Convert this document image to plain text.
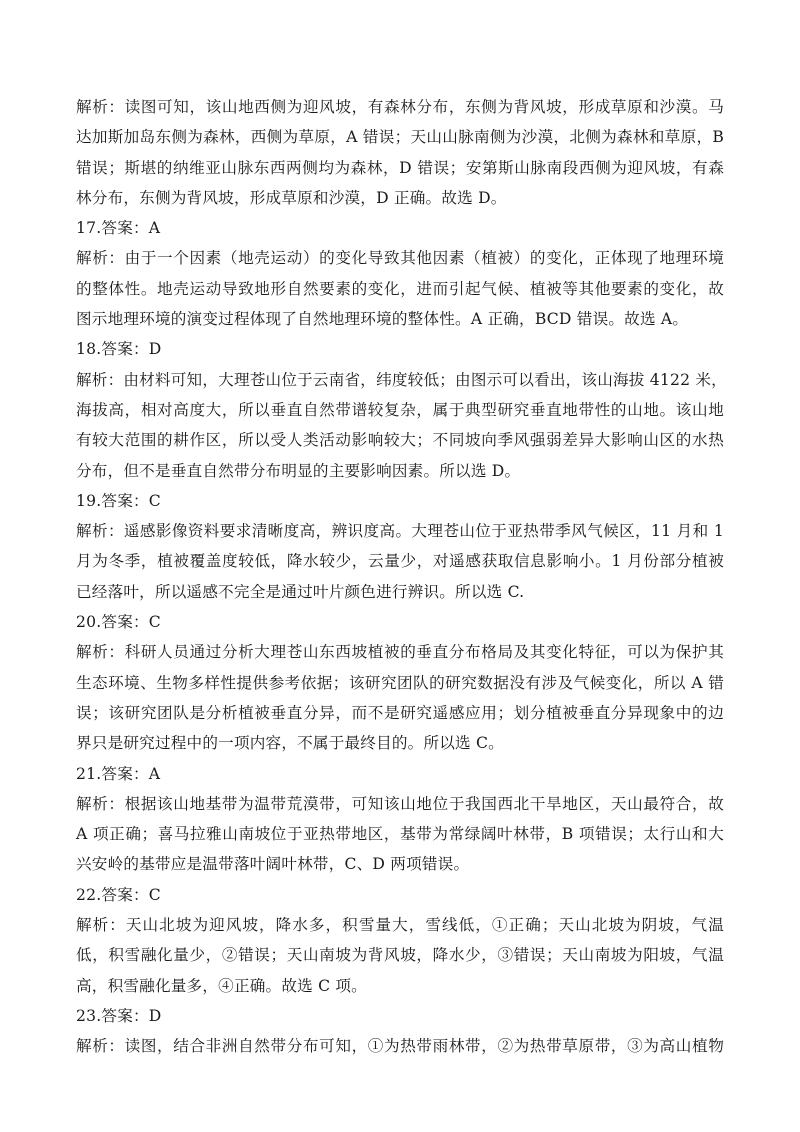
解析：读图可知，该山地西侧为迎风坡，有森林分布，东侧为背风坡，形成草原和沙漠。马
达加斯加岛东侧为森林，西侧为草原，A 错误；天山山脉南侧为沙漠，北侧为森林和草原，B
错误；斯堪的纳维亚山脉东西两侧均为森林，D 错误；安第斯山脉南段西侧为迎风坡，有森
林分布，东侧为背风坡，形成草原和沙漠，D 正确。故选 D。
17.答案：A
解析：由于一个因素（地壳运动）的变化导致其他因素（植被）的变化，正体现了地理环境
的整体性。地壳运动导致地形自然要素的变化，进而引起气候、植被等其他要素的变化，故
图示地理环境的演变过程体现了自然地理环境的整体性。A 正确，BCD 错误。故选 A。
18.答案：D
解析：由材料可知，大理苍山位于云南省，纬度较低；由图示可以看出，该山海拔 4122 米，
海拔高，相对高度大，所以垂直自然带谱较复杂，属于典型研究垂直地带性的山地。该山地
有较大范围的耕作区，所以受人类活动影响较大；不同坡向季风强弱差异大影响山区的水热
分布，但不是垂直自然带分布明显的主要影响因素。所以选 D。
19.答案：C
解析：遥感影像资料要求清晰度高，辨识度高。大理苍山位于亚热带季风气候区，11 月和 1
月为冬季，植被覆盖度较低，降水较少，云量少，对遥感获取信息影响小。1 月份部分植被
已经落叶，所以遥感不完全是通过叶片颜色进行辨识。所以选 C.
20.答案：C
解析：科研人员通过分析大理苍山东西坡植被的垂直分布格局及其变化特征，可以为保护其
生态环境、生物多样性提供参考依据；该研究团队的研究数据没有涉及气候变化，所以 A 错
误；该研究团队是分析植被垂直分异，而不是研究遥感应用；划分植被垂直分异现象中的边
界只是研究过程中的一项内容，不属于最终目的。所以选 C。
21.答案：A
解析：根据该山地基带为温带荒漠带，可知该山地位于我国西北干旱地区，天山最符合，故
A 项正确；喜马拉雅山南坡位于亚热带地区，基带为常绿阔叶林带，B 项错误；太行山和大
兴安岭的基带应是温带落叶阔叶林带，C、D 两项错误。
22.答案：C
解析：天山北坡为迎风坡，降水多，积雪量大，雪线低，①正确；天山北坡为阴坡，气温
低，积雪融化量少，②错误；天山南坡为背风坡，降水少，③错误；天山南坡为阳坡，气温
高，积雪融化量多，④正确。故选 C 项。
23.答案：D
解析：读图，结合非洲自然带分布可知，①为热带雨林带，②为热带草原带，③为高山植物
